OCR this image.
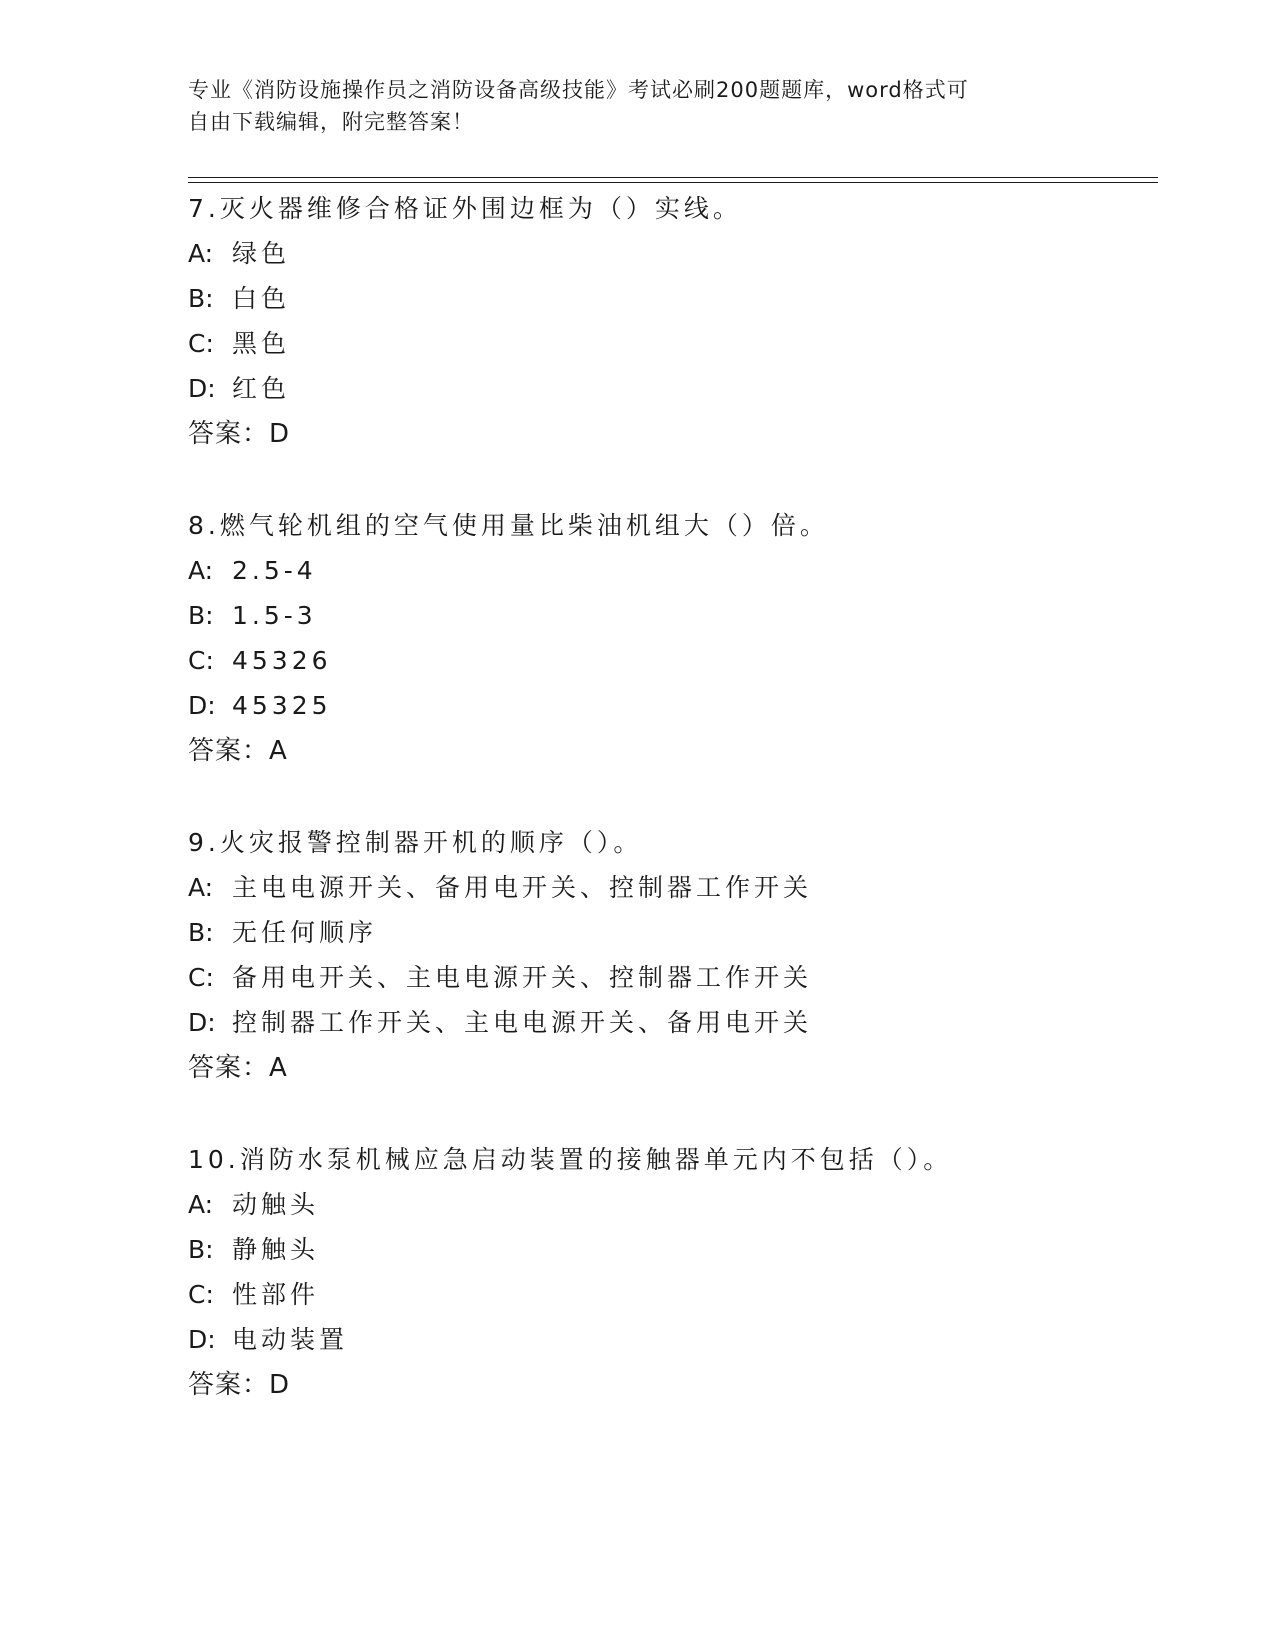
专业《消防设施操作员之消防设备高级技能》考试必刷200题题库，word格式可
自由下载编辑，附完整答案！
7.灭火器维修合格证外围边框为（）实线。
A: 绿色
B: 白色
C: 黑色
D: 红色
答案：D
8.燃气轮机组的空气使用量比柴油机组大（）倍。
A: 2.5-4
B: 1.5-3
C: 45326
D: 45325
答案：A
9.火灾报警控制器开机的顺序（）。
A: 主电电源开关、备用电开关、控制器工作开关
B: 无任何顺序
C: 备用电开关、主电电源开关、控制器工作开关
D: 控制器工作开关、主电电源开关、备用电开关
答案：A
10.消防水泵机械应急启动装置的接触器单元内不包括（）。
A: 动触头
B: 静触头
C: 性部件
D: 电动装置
答案：D
